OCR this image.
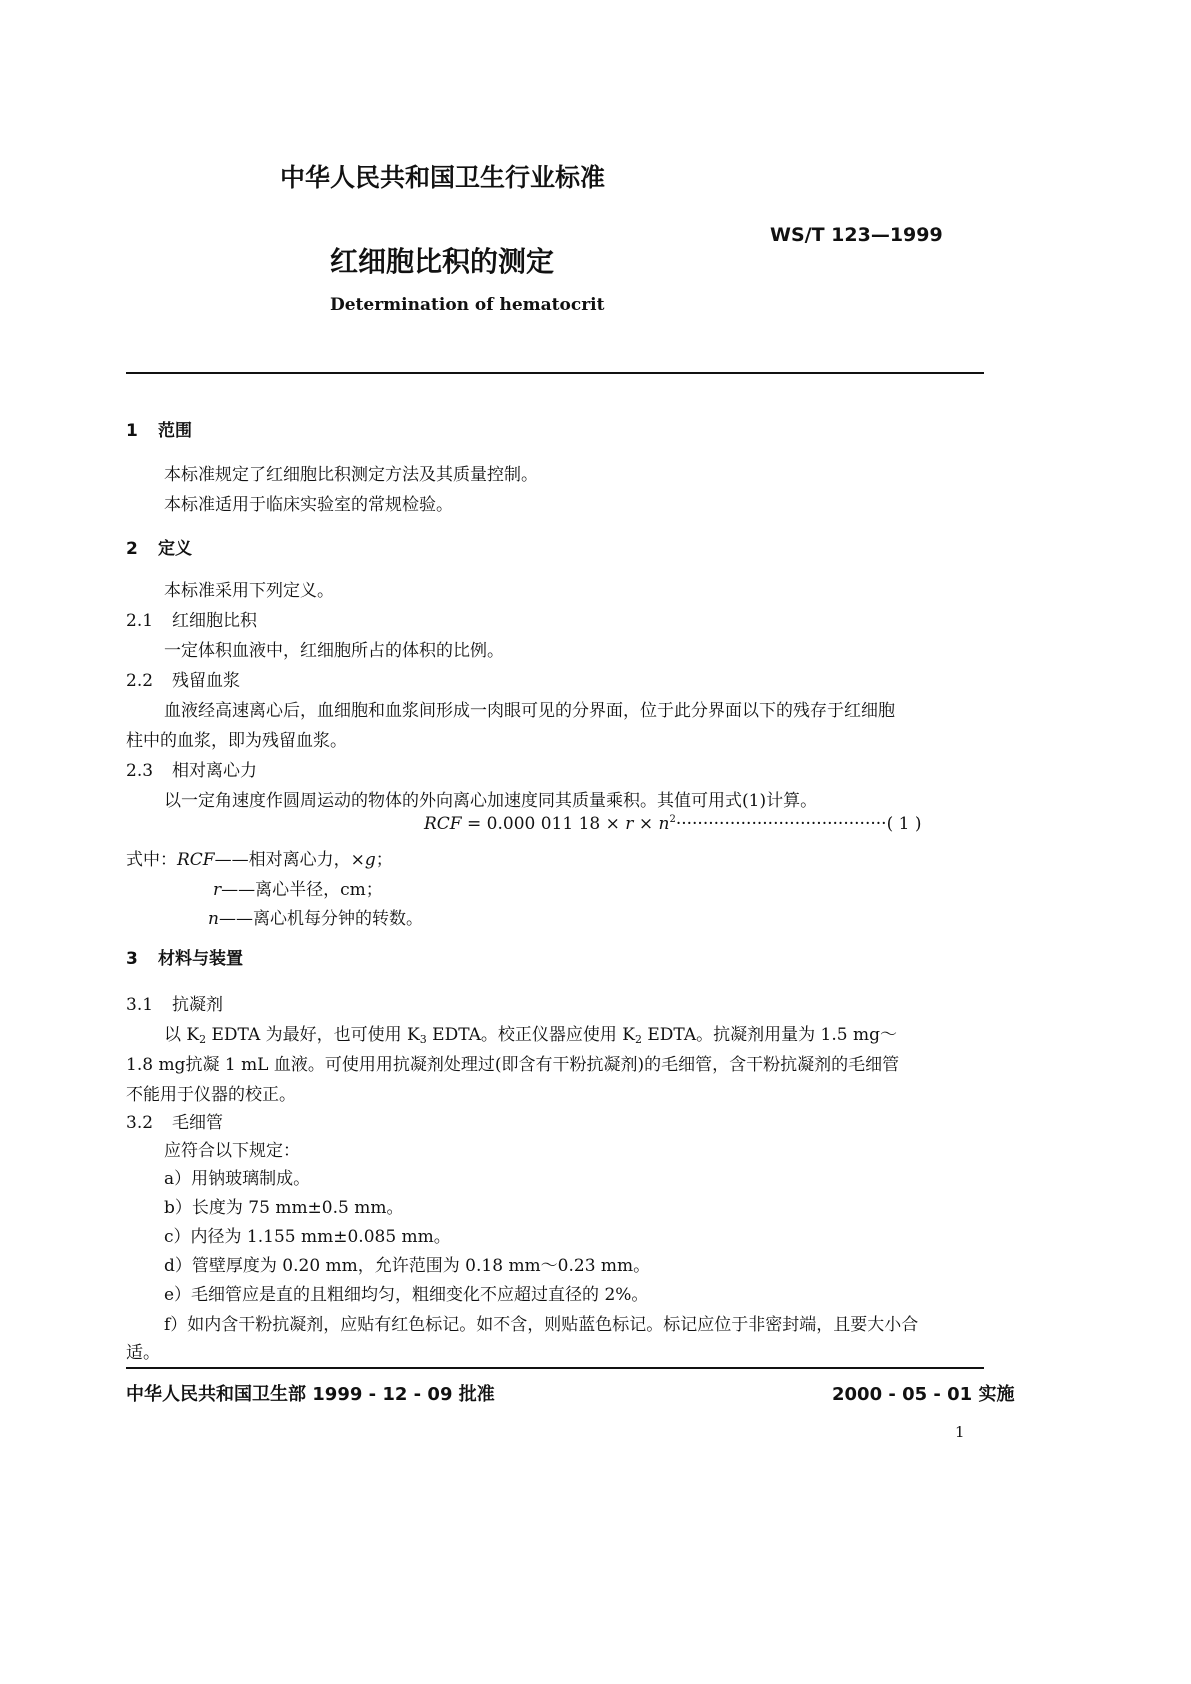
中华人民共和国卫生行业标准
WS/T 123—1999
红细胞比积的测定
Determination of hematocrit
1 范围
本标准规定了红细胞比积测定方法及其质量控制。
本标准适用于临床实验室的常规检验。
2 定义
本标准采用下列定义。
2.1 红细胞比积
一定体积血液中，红细胞所占的体积的比例。
2.2 残留血浆
血液经高速离心后，血细胞和血浆间形成一肉眼可见的分界面，位于此分界面以下的残存于红细胞
柱中的血浆，即为残留血浆。
2.3 相对离心力
以一定角速度作圆周运动的物体的外向离心加速度同其质量乘积。其值可用式(1)计算。
RCF = 0.000 011 $18 \times r \times n^2\cdot\cdot\cdot\cdot\cdot\cdot\cdot\cdot\cdot\cdot\cdot\cdot\cdot\cdot\cdot\cdot\cdot\cdot\cdot\cdot\cdot\cdot\cdot\cdot\cdot\cdot\cdot\cdot\cdot\cdot\cdot\cdot\cdot\cdot\cdot\cdot\cdot\cdot\cdot$( 1 )
式中：RCF——相对离心力，×g；
r——离心半径，cm；
n——离心机每分钟的转数。
3 材料与装置
3.1 抗凝剂
以 K2 EDTA 为最好，也可使用 K3 EDTA。校正仪器应使用 K2 EDTA。抗凝剂用量为 1.5 mg～
1.8 mg抗凝 1 mL 血液。可使用用抗凝剂处理过(即含有干粉抗凝剂)的毛细管，含干粉抗凝剂的毛细管
不能用于仪器的校正。
3.2 毛细管
应符合以下规定：
a）用钠玻璃制成。
b）长度为 75 mm±0.5 mm。
c）内径为 1.155 mm±0.085 mm。
d）管壁厚度为 0.20 mm，允许范围为 0.18 mm～0.23 mm。
e）毛细管应是直的且粗细均匀，粗细变化不应超过直径的 2%。
f）如内含干粉抗凝剂，应贴有红色标记。如不含，则贴蓝色标记。标记应位于非密封端，且要大小合
适。
中华人民共和国卫生部 1999 - 12 - 09 批准	2000 - 05 - 01 实施
1
